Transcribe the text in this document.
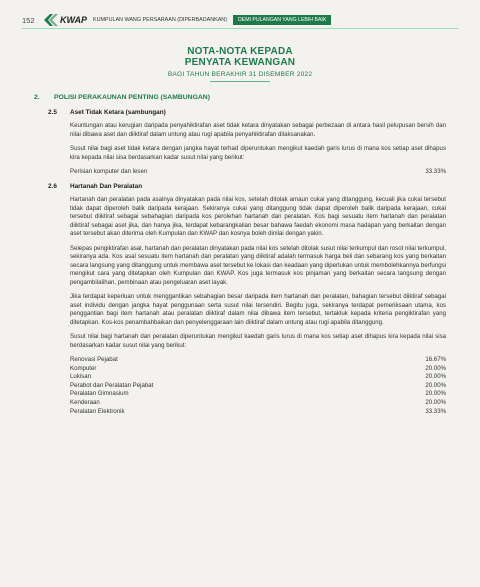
152	KWAP KUMPULAN WANG PERSARAAN (DIPERBADANKAN)	DEMI PULANGAN YANG LEBIH BAIK
NOTA-NOTA KEPADA
PENYATA KEWANGAN
BAGI TAHUN BERAKHIR 31 DISEMBER 2022
2.	POLISI PERAKAUNAN PENTING (SAMBUNGAN)
2.5	Aset Tidak Ketara (sambungan)

Keuntungan atau kerugian daripada penyahiktirafan aset tidak ketara dinyatakan sebagai perbezaan di antara hasil pelupusan bersih dan nilai dibawa aset dan diiktiraf dalam untung atau rugi apabila penyahiktirafan dilaksanakan.

Susut nilai bagi aset tidak ketara dengan jangka hayat terhad diperuntukan mengikut kaedah garis lurus di mana kos setiap aset dihapus kira kepada nilai sisa berdasarkan kadar susut nilai yang berikut:

Perisian komputer dan lesen	33.33%
2.6	Hartanah Dan Peralatan

Hartanah dan peralatan pada asalnya dinyatakan pada nilai kos, setelah ditolak amaun cukai yang ditanggung, kecuali jika cukai tersebut tidak dapat diperoleh balik daripada kerajaan. Sekiranya cukai yang ditanggung tidak dapat diperoleh balik daripada kerajaan, cukai tersebut diiktiraf sebagai sebahagian daripada kos perolehan hartanah dan peralatan. Kos bagi sesuatu item hartanah dan peralatan diiktiraf sebagai aset jika, dan hanya jika, terdapat kebarangkalian besar bahawa faedah ekonomi masa hadapan yang berkaitan dengan aset tersebut akan diterima oleh Kumpulan dan KWAP dan kosnya boleh dinilai dengan yakin.

Selepas pengiktirafan asal, hartanah dan peralatan dinyatakan pada nilai kos setelah ditolak susut nilai terkumpul dan rosot nilai terkumpul, sekiranya ada. Kos asal sesuatu item hartanah dan peralatan yang diiktiraf adalah termasuk harga beli dan sebarang kos yang berkaitan secara langsung yang ditanggung untuk membawa aset tersebut ke lokasi dan keadaan yang diperlukan untuk membolehkannya berfungsi mengikut cara yang ditetapkan oleh Kumpulan dan KWAP. Kos juga termasuk kos pinjaman yang berkaitan secara langsung dengan pengambilalihan, pembinaan atau pengeluaran aset layak.

Jika terdapat keperluan untuk menggantikan sebahagian besar daripada item hartanah dan peralatan, bahagian tersebut diiktiraf sebagai aset individu dengan jangka hayat penggunaan serta susut nilai tersendiri. Begitu juga, sekiranya terdapat pemeriksaan utama, kos penggantian bagi item hartanah atau peralatan diiktiraf dalam nilai dibawa item tersebut, tertakluk kepada kriteria pengiktirafan yang ditetapkan. Kos-kos penambahbaikan dan penyelenggaraan lain diiktiraf dalam untung atau rugi apabila ditanggung.

Susut nilai bagi hartanah dan peralatan diperuntukan mengikut kaedah garis lurus di mana kos setiap aset dihapus kira kepada nilai sisa berdasarkan kadar susut nilai yang berikut:

Renovasi Pejabat	16.67%
Komputer	20.00%
Lukisan	20.00%
Perabot dan Peralatan Pejabat	20.00%
Peralatan Gimnasium	20.00%
Kenderaan	20.00%
Peralatan Elektronik	33.33%
